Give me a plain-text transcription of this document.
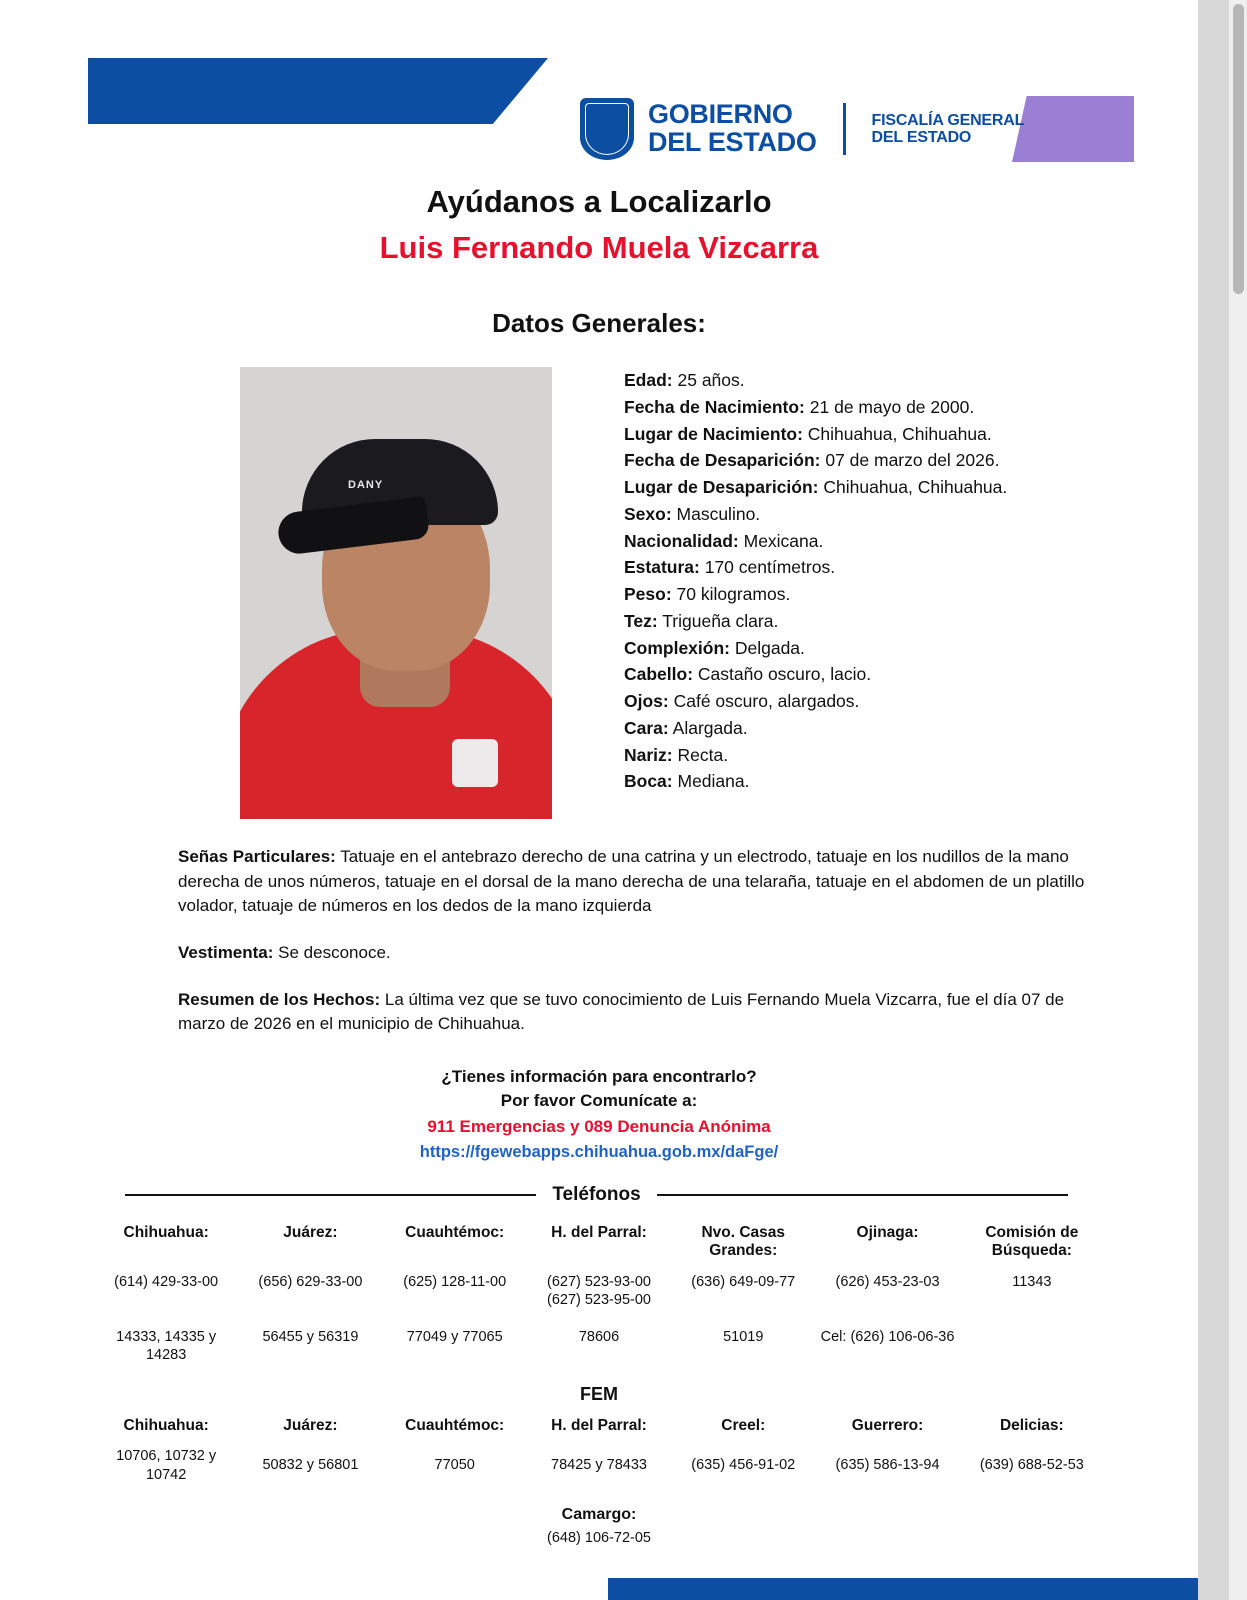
GOBIERNO
DEL ESTADO
FISCALÍA GENERAL
DEL ESTADO
Ayúdanos a Localizarlo
Luis Fernando Muela Vizcarra
Datos Generales:
DANY
Edad: 25 años.
Fecha de Nacimiento: 21 de mayo de 2000.
Lugar de Nacimiento: Chihuahua, Chihuahua.
Fecha de Desaparición: 07 de marzo del 2026.
Lugar de Desaparición: Chihuahua, Chihuahua.
Sexo: Masculino.
Nacionalidad: Mexicana.
Estatura: 170 centímetros.
Peso: 70 kilogramos.
Tez: Trigueña clara.
Complexión: Delgada.
Cabello: Castaño oscuro, lacio.
Ojos: Café oscuro, alargados.
Cara: Alargada.
Nariz: Recta.
Boca: Mediana.
Señas Particulares: Tatuaje en el antebrazo derecho de una catrina y un electrodo, tatuaje en los nudillos de la mano derecha de unos números, tatuaje en el dorsal de la mano derecha de una telaraña, tatuaje en el abdomen de un platillo volador, tatuaje de números en los dedos de la mano izquierda
Vestimenta: Se desconoce.
Resumen de los Hechos: La última vez que se tuvo conocimiento de Luis Fernando Muela Vizcarra, fue el día 07 de marzo de 2026 en el municipio de Chihuahua.
¿Tienes información para encontrarlo?
Por favor Comunícate a:
911 Emergencias y 089 Denuncia Anónima
https://fgewebapps.chihuahua.gob.mx/daFge/
Teléfonos
Chihuahua:	Juárez:	Cuauhtémoc:	H. del Parral:	Nvo. Casas Grandes:	Ojinaga:	Comisión de Búsqueda:
(614) 429-33-00	(656) 629-33-00	(625) 128-11-00	(627) 523-93-00 (627) 523-95-00	(636) 649-09-77	(626) 453-23-03	11343
14333, 14335 y 14283	56455 y 56319	77049 y 77065	78606	51019	Cel: (626) 106-06-36	
FEM
Chihuahua:	Juárez:	Cuauhtémoc:	H. del Parral:	Creel:	Guerrero:	Delicias:
10706, 10732 y 10742	50832 y 56801	77050	78425 y 78433	(635) 456-91-02	(635) 586-13-94	(639) 688-52-53
Camargo:
(648) 106-72-05
